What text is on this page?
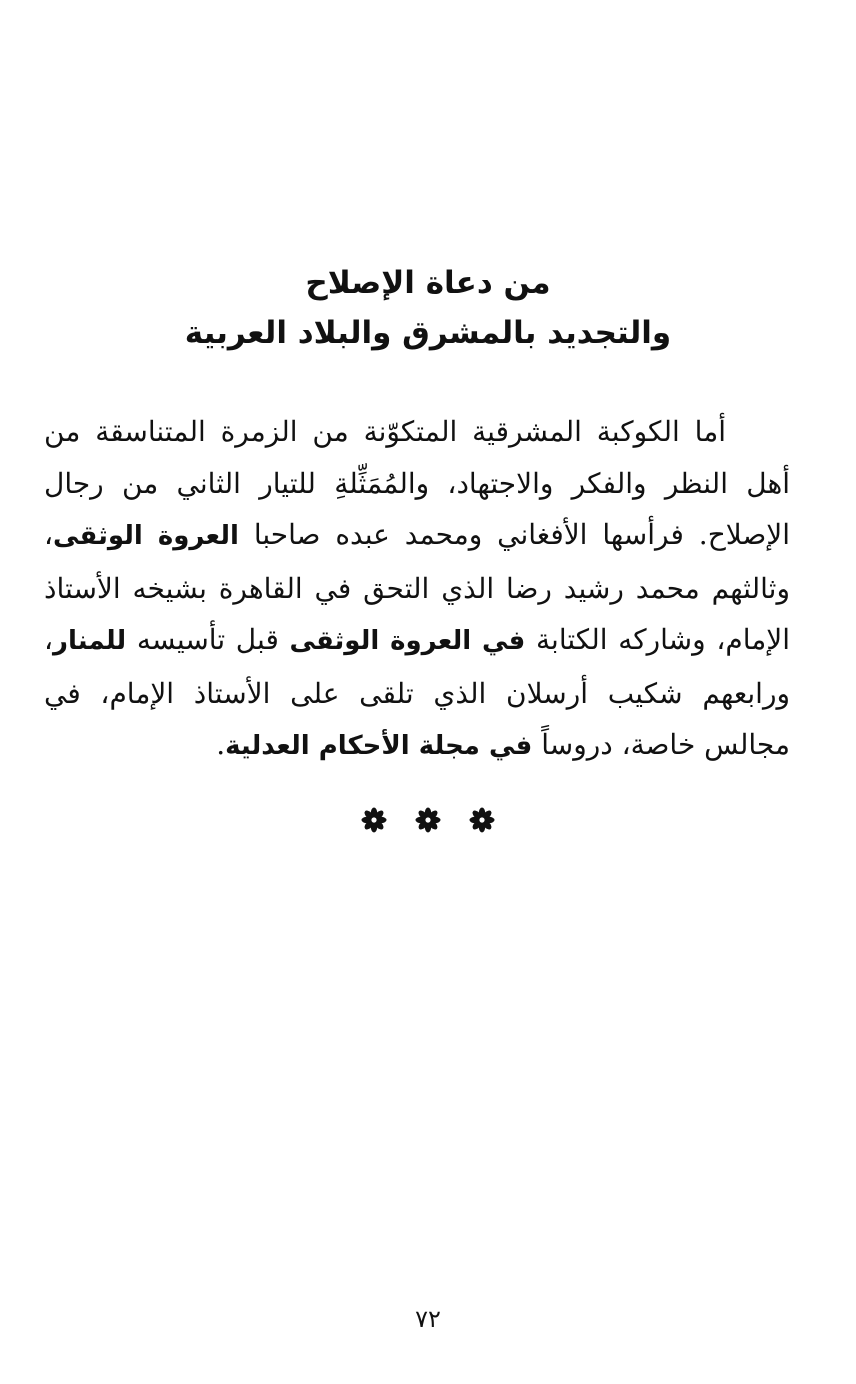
من دعاة الإصلاح
والتجديد بالمشرق والبلاد العربية

أما الكوكبة المشرقية المتكوّنة من الزمرة المتناسقة من أهل النظر والفكر والاجتهاد، والمُمَثِّلةِ للتيار الثاني من رجال الإصلاح. فرأسها الأفغاني ومحمد عبده صاحبا العروة الوثقى، وثالثهم محمد رشيد رضا الذي التحق في القاهرة بشيخه الأستاذ الإمام، وشاركه الكتابة في العروة الوثقى قبل تأسيسه للمنار، ورابعهم شكيب أرسلان الذي تلقى على الأستاذ الإمام، في مجالس خاصة، دروساً في مجلة الأحكام العدلية.

٧٢
